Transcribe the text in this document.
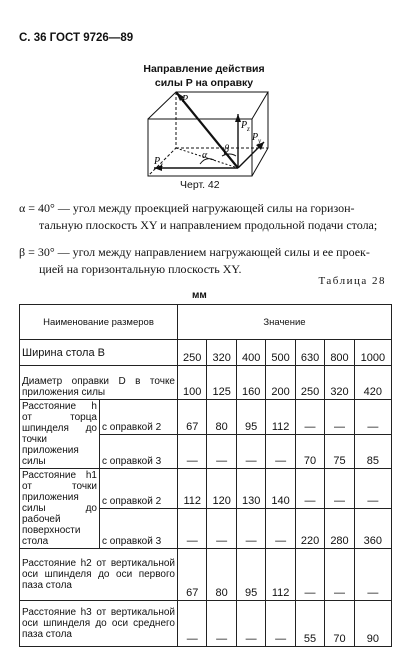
С. 36 ГОСТ 9726—89
Направление действия
силы P на оправку
P
P z
P y
P x
α
β
Черт. 42
α = 40° — угол между проекцией нагружающей силы на горизон-
тальную плоскость XY и направлением продольной подачи стола;
β = 30° — угол между направлением нагружающей силы и ее проек-
цией на горизонтальную плоскость XY.
Таблица 28
мм
Наименование размеров		Значение						
Ширина стола B		250	320	400	500	630	800	1000
Диаметр оправки D в точке приложения силы		100	125	160	200	250	320	420
Расстояние h от торца шпинделя до точки приложения силы	с оправкой 2	67	80	95	112	—	—	—
	с оправкой 3	—	—	—	—	70	75	85
Расстояние h1 от точки приложения силы до рабочей поверхности стола	с оправкой 2	112	120	130	140	—	—	—
	с оправкой 3	—	—	—	—	220	280	360
Расстояние h2 от вертикальной оси шпинделя до оси первого паза стола		67	80	95	112	—	—	—
Расстояние h3 от вертикальной оси шпинделя до оси среднего паза стола		—	—	—	—	55	70	90
